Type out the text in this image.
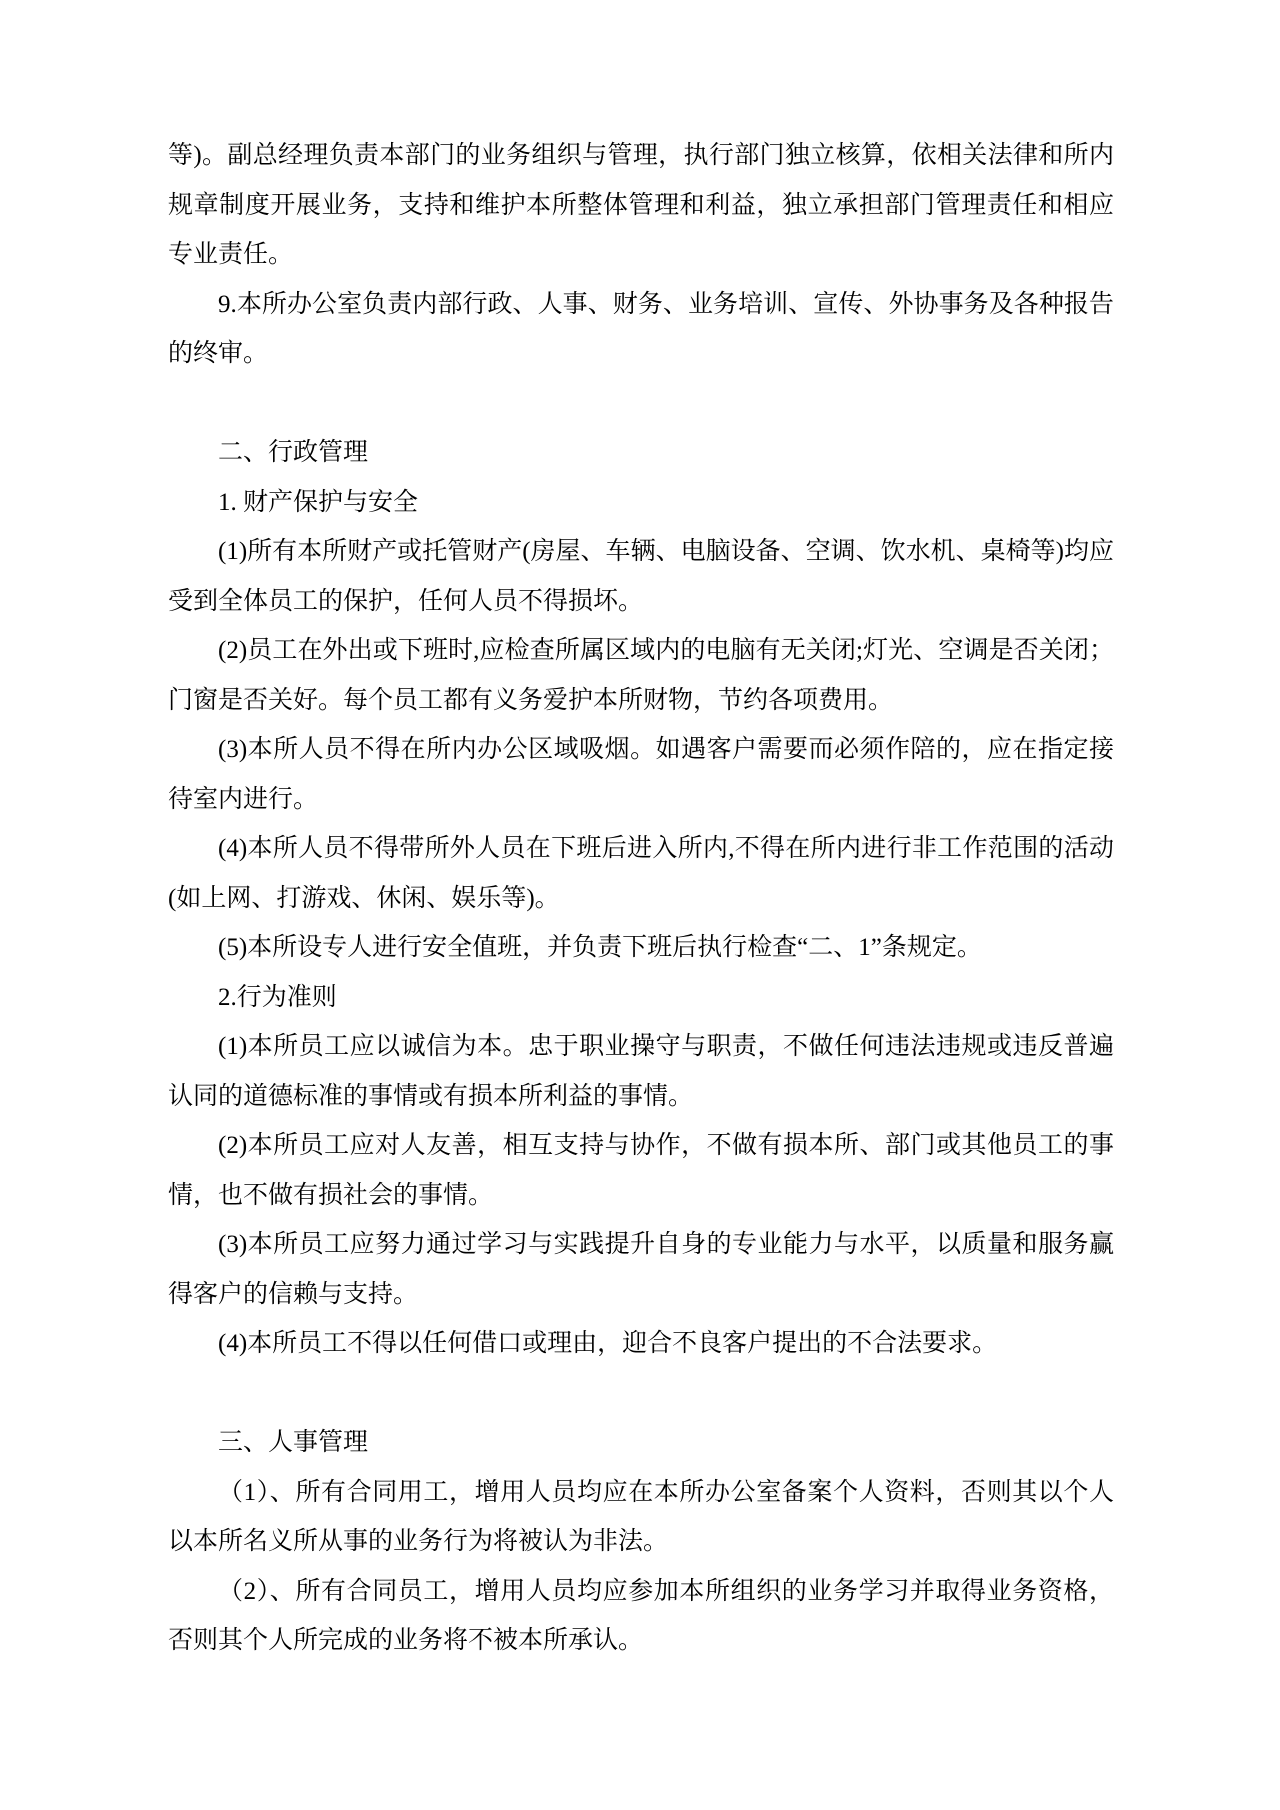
等)。副总经理负责本部门的业务组织与管理，执行部门独立核算，依相关法律和所内规章制度开展业务，支持和维护本所整体管理和利益，独立承担部门管理责任和相应专业责任。

9.本所办公室负责内部行政、人事、财务、业务培训、宣传、外协事务及各种报告的终审。

二、行政管理

1. 财产保护与安全

(1)所有本所财产或托管财产(房屋、车辆、电脑设备、空调、饮水机、桌椅等)均应受到全体员工的保护，任何人员不得损坏。

(2)员工在外出或下班时,应检查所属区域内的电脑有无关闭;灯光、空调是否关闭；门窗是否关好。每个员工都有义务爱护本所财物，节约各项费用。

(3)本所人员不得在所内办公区域吸烟。如遇客户需要而必须作陪的，应在指定接待室内进行。

(4)本所人员不得带所外人员在下班后进入所内,不得在所内进行非工作范围的活动(如上网、打游戏、休闲、娱乐等)。

(5)本所设专人进行安全值班，并负责下班后执行检查“二、1”条规定。

2.行为准则

(1)本所员工应以诚信为本。忠于职业操守与职责，不做任何违法违规或违反普遍认同的道德标准的事情或有损本所利益的事情。

(2)本所员工应对人友善，相互支持与协作，不做有损本所、部门或其他员工的事情，也不做有损社会的事情。

(3)本所员工应努力通过学习与实践提升自身的专业能力与水平，以质量和服务赢得客户的信赖与支持。

(4)本所员工不得以任何借口或理由，迎合不良客户提出的不合法要求。

三、人事管理

（1）、所有合同用工，增用人员均应在本所办公室备案个人资料，否则其以个人以本所名义所从事的业务行为将被认为非法。

（2）、所有合同员工，增用人员均应参加本所组织的业务学习并取得业务资格，否则其个人所完成的业务将不被本所承认。
